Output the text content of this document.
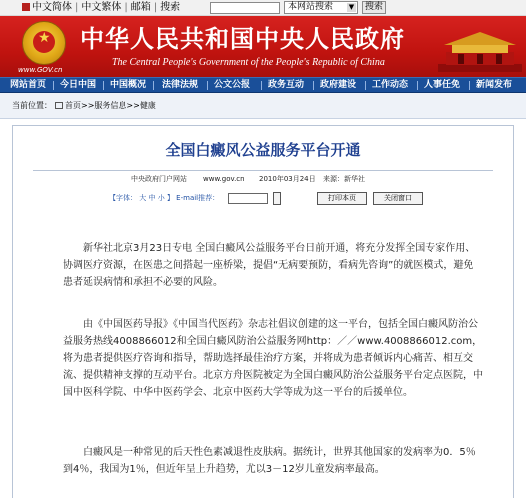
中文简体 | 中文繁体 | 邮箱 | 搜索	本网站搜索 ▼	搜索
★
www.GOV.cn
中华人民共和国中央人民政府
The Central People's Government of the People's Republic of China
网站首页 今日中国 中国概况 法律法规 公文公报 政务互动 政府建设 工作动态 人事任免 新闻发布
当前位置： 首页>>服务信息>>健康
全国白癜风公益服务平台开通
中央政府门户网站 www.gov.cn 2010年03月24日 来源：新华社
【字体： 大 中 小 】 E-mail推荐：	打印本页	关闭窗口

新华社北京3月23日专电 全国白癜风公益服务平台日前开通，将充分发挥全国专家作用、协调医疗资源，在医患之间搭起一座桥梁，提倡“无病要预防，看病先咨询”的就医模式，避免患者延误病情和承担不必要的风险。

由《中国医药导报》《中国当代医药》杂志社倡议创建的这一平台，包括全国白癜风防治公益服务热线4008866012和全国白癜风防治公益服务网http：／／www.4008866012.com，将为患者提供医疗咨询和指导，帮助选择最佳治疗方案，并将成为患者倾诉内心痛苦、相互交流、提供精神支撑的互动平台。北京方舟医院被定为全国白癜风防治公益服务平台定点医院，中国中医科学院、中华中医药学会、北京中医药大学等成为这一平台的后援单位。

白癜风是一种常见的后天性色素减退性皮肤病。据统计，世界其他国家的发病率为0．5％到4％，我国为1％，但近年呈上升趋势，尤以3－12岁儿童发病率最高。
